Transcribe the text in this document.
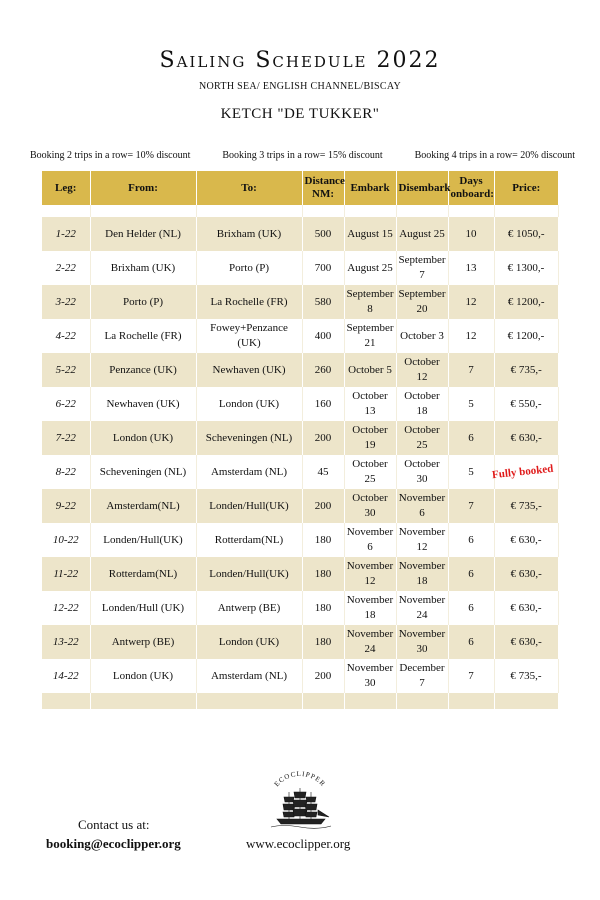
Sailing Schedule 2022
NORTH SEA/ ENGLISH CHANNEL/BISCAY
KETCH "DE TUKKER"
Booking 2 trips in a row= 10% discount	Booking 3 trips in a row= 15% discount	Booking 4 trips in a row= 20% discount
Leg:	From:	To:	Distance NM:	Embark	Disembark	Days onboard:	Price:

1-22	Den Helder (NL)	Brixham (UK)	500	August 15	August 25	10	€ 1050,-
2-22	Brixham (UK)	Porto (P)	700	August 25	September 7	13	€ 1300,-
3-22	Porto (P)	La Rochelle (FR)	580	September 8	September 20	12	€ 1200,-
4-22	La Rochelle (FR)	Fowey+Penzance (UK)	400	September 21	October 3	12	€ 1200,-
5-22	Penzance (UK)	Newhaven (UK)	260	October 5	October 12	7	€ 735,-
6-22	Newhaven (UK)	London (UK)	160	October 13	October 18	5	€ 550,-
7-22	London (UK)	Scheveningen (NL)	200	October 19	October 25	6	€ 630,-
8-22	Scheveningen (NL)	Amsterdam (NL)	45	October 25	October 30	5	Fully booked
9-22	Amsterdam(NL)	Londen/Hull(UK)	200	October 30	November 6	7	€ 735,-
10-22	Londen/Hull(UK)	Rotterdam(NL)	180	November 6	November 12	6	€ 630,-
11-22	Rotterdam(NL)	Londen/Hull(UK)	180	November 12	November 18	6	€ 630,-
12-22	Londen/Hull (UK)	Antwerp (BE)	180	November 18	November 24	6	€ 630,-
13-22	Antwerp (BE)	London (UK)	180	November 24	November 30	6	€ 630,-
14-22	London (UK)	Amsterdam (NL)	200	November 30	December 7	7	€ 735,-

Contact us at:
booking@ecoclipper.org
ECOCLIPPER
www.ecoclipper.org
